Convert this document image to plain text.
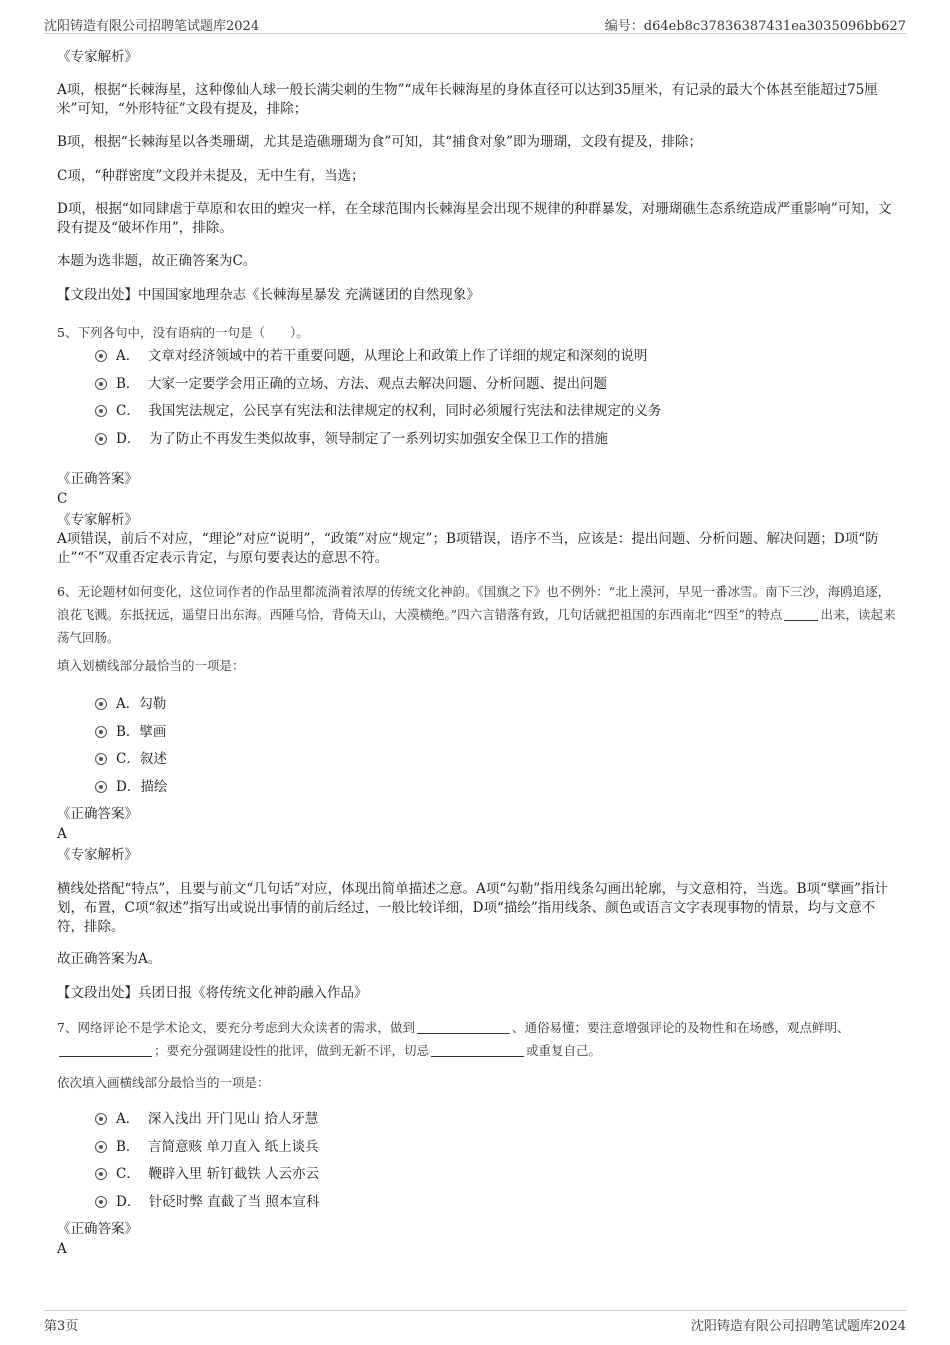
沈阳铸造有限公司招聘笔试题库2024	编号：d64eb8c37836387431ea3035096bb627
《专家解析》
A项，根据“长棘海星，这种像仙人球一般长满尖刺的生物”“成年长棘海星的身体直径可以达到35厘米，有记录的最大个体甚至能超过75厘米”可知，“外形特征”文段有提及，排除；
B项，根据“长棘海星以各类珊瑚，尤其是造礁珊瑚为食”可知，其“捕食对象”即为珊瑚，文段有提及，排除；
C项，“种群密度”文段并未提及，无中生有，当选；
D项，根据“如同肆虐于草原和农田的蝗灾一样，在全球范围内长棘海星会出现不规律的种群暴发，对珊瑚礁生态系统造成严重影响”可知，文段有提及“破坏作用”，排除。
本题为选非题，故正确答案为C。
【文段出处】中国国家地理杂志《长棘海星暴发 充满谜团的自然现象》
5、下列各句中，没有语病的一句是（　　）。
A． 文章对经济领域中的若干重要问题，从理论上和政策上作了详细的规定和深刻的说明
B． 大家一定要学会用正确的立场、方法、观点去解决问题、分析问题、提出问题
C． 我国宪法规定，公民享有宪法和法律规定的权利，同时必须履行宪法和法律规定的义务
D． 为了防止不再发生类似故事，领导制定了一系列切实加强安全保卫工作的措施
《正确答案》
C
《专家解析》
A项错误，前后不对应，“理论”对应“说明”，“政策”对应“规定”；B项错误，语序不当，应该是：提出问题、分析问题、解决问题；D项“防止”“不”双重否定表示肯定，与原句要表达的意思不符。
6、无论题材如何变化，这位词作者的作品里都流淌着浓厚的传统文化神韵。《国旗之下》也不例外：“北上漠河，早见一番冰雪。南下三沙，海鸥追逐，浪花飞溅。东抵抚远，遥望日出东海。西陲乌恰，背倚天山，大漠横绝。”四六言错落有致，几句话就把祖国的东西南北“四至”的特点	出来，读起来荡气回肠。
填入划横线部分最恰当的一项是：
A．勾勒
B．擘画
C．叙述
D．描绘
《正确答案》
A
《专家解析》
横线处搭配“特点”，且要与前文“几句话”对应，体现出简单描述之意。A项“勾勒”指用线条勾画出轮廓，与文意相符，当选。B项“擘画”指计划，布置，C项“叙述”指写出或说出事情的前后经过，一般比较详细，D项“描绘”指用线条、颜色或语言文字表现事物的情景，均与文意不符，排除。
故正确答案为A。
【文段出处】兵团日报《将传统文化神韵融入作品》
7、网络评论不是学术论文，要充分考虑到大众读者的需求，做到	、通俗易懂；要注意增强评论的及物性和在场感，观点鲜明、；要充分强调建设性的批评，做到无新不评，切忌	或重复自己。
依次填入画横线部分最恰当的一项是：
A． 深入浅出 开门见山 拾人牙慧
B． 言简意赅 单刀直入 纸上谈兵
C． 鞭辟入里 斩钉截铁 人云亦云
D． 针砭时弊 直截了当 照本宣科
《正确答案》
A
第3页	沈阳铸造有限公司招聘笔试题库2024
